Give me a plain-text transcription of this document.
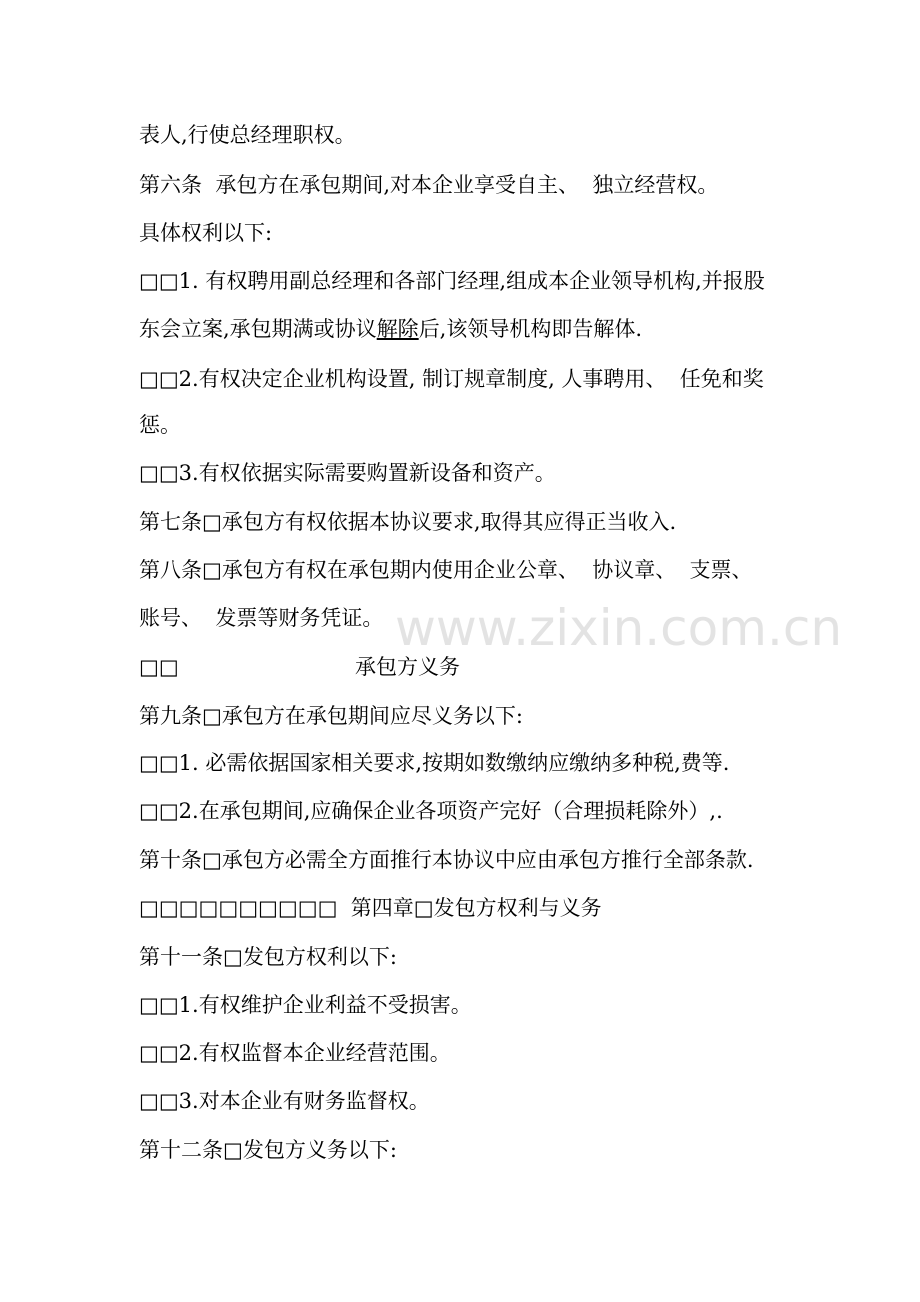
www.zixin.com.cn
表人,行使总经理职权。
第六条  承包方在承包期间,对本企业享受自主、  独立经营权。
具体权利以下:
□□1. 有权聘用副总经理和各部门经理,组成本企业领导机构,并报股
东会立案,承包期满或协议解除后,该领导机构即告解体.
□□2.有权决定企业机构设置, 制订规章制度, 人事聘用、  任免和奖
惩。
□□3.有权依据实际需要购置新设备和资产。
第七条□承包方有权依据本协议要求,取得其应得正当收入.
第八条□承包方有权在承包期内使用企业公章、  协议章、  支票、
账号、  发票等财务凭证。
□□	承包方义务
第九条□承包方在承包期间应尽义务以下:
□□1. 必需依据国家相关要求,按期如数缴纳应缴纳多种税,费等.
□□2.在承包期间,应确保企业各项资产完好（合理损耗除外）,.
第十条□承包方必需全方面推行本协议中应由承包方推行全部条款.
□□□□□□□□□□  第四章□发包方权利与义务
第十一条□发包方权利以下:
□□1.有权维护企业利益不受损害。
□□2.有权监督本企业经营范围。
□□3.对本企业有财务监督权。
第十二条□发包方义务以下:
